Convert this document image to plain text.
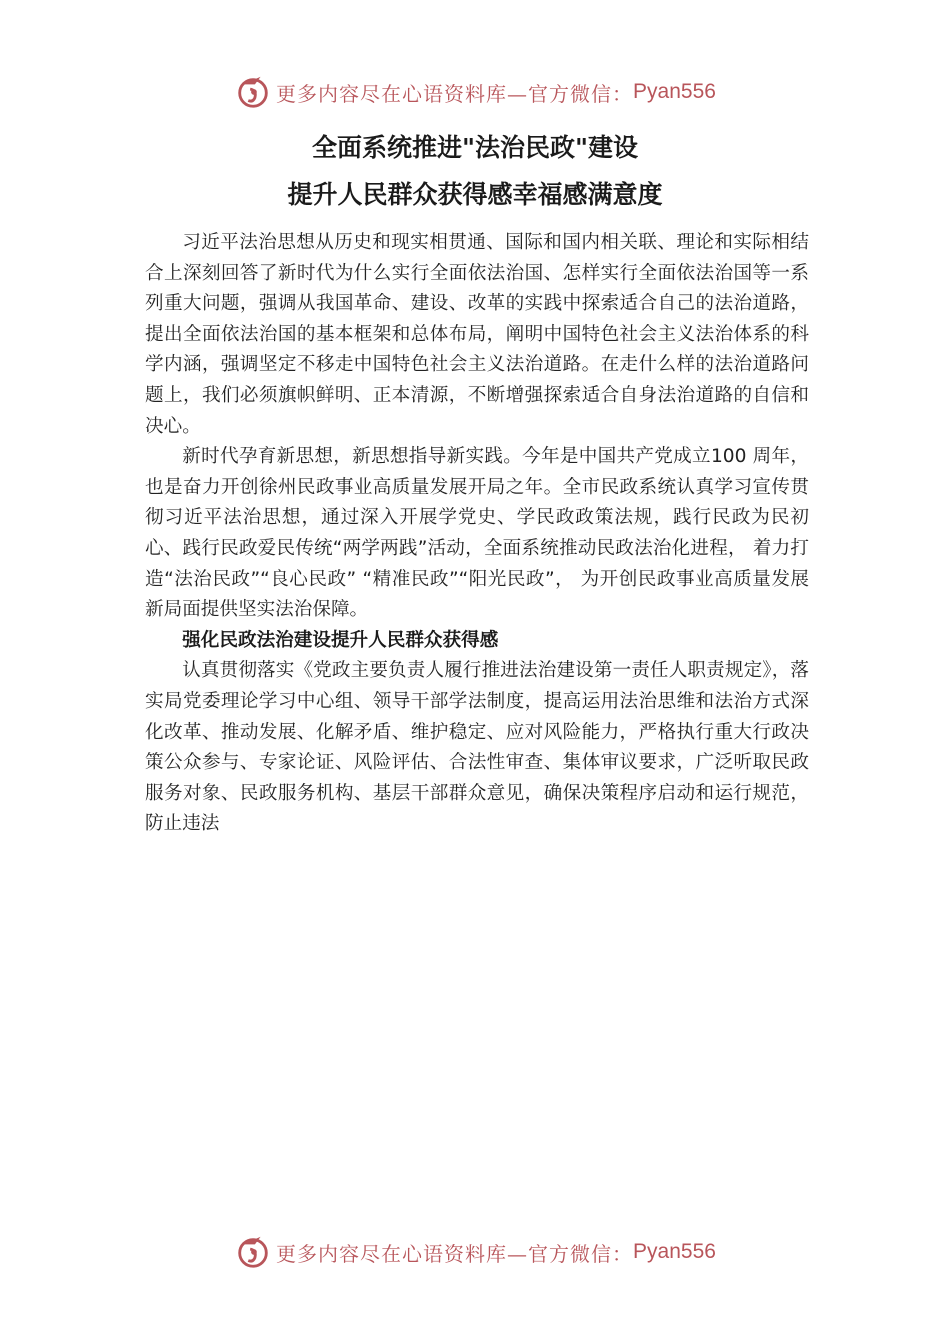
更多内容尽在心语资料库—官方微信： Pyan556
全面系统推进"法治民政"建设
提升人民群众获得感幸福感满意度

习近平法治思想从历史和现实相贯通、国际和国内相关联、理论和实际相结合上深刻回答了新时代为什么实行全面依法治国、怎样实行全面依法治国等一系列重大问题，强调从我国革命、建设、改革的实践中探索适合自己的法治道路，提出全面依法治国的基本框架和总体布局，阐明中国特色社会主义法治体系的科学内涵，强调坚定不移走中国特色社会主义法治道路。在走什么样的法治道路问题上，我们必须旗帜鲜明、正本清源，不断增强探索适合自身法治道路的自信和决心。

新时代孕育新思想，新思想指导新实践。今年是中国共产党成立100 周年，也是奋力开创徐州民政事业高质量发展开局之年。全市民政系统认真学习宣传贯彻习近平法治思想，通过深入开展学党史、学民政政策法规，践行民政为民初心、践行民政爱民传统“两学两践”活动，全面系统推动民政法治化进程， 着力打造“法治民政”“良心民政” “精准民政”“阳光民政”， 为开创民政事业高质量发展新局面提供坚实法治保障。

强化民政法治建设提升人民群众获得感

认真贯彻落实《党政主要负责人履行推进法治建设第一责任人职责规定》，落实局党委理论学习中心组、领导干部学法制度，提高运用法治思维和法治方式深化改革、推动发展、化解矛盾、维护稳定、应对风险能力，严格执行重大行政决策公众参与、专家论证、风险评估、合法性审查、集体审议要求，广泛听取民政服务对象、民政服务机构、基层干部群众意见，确保决策程序启动和运行规范，防止违法

更多内容尽在心语资料库—官方微信： Pyan556
